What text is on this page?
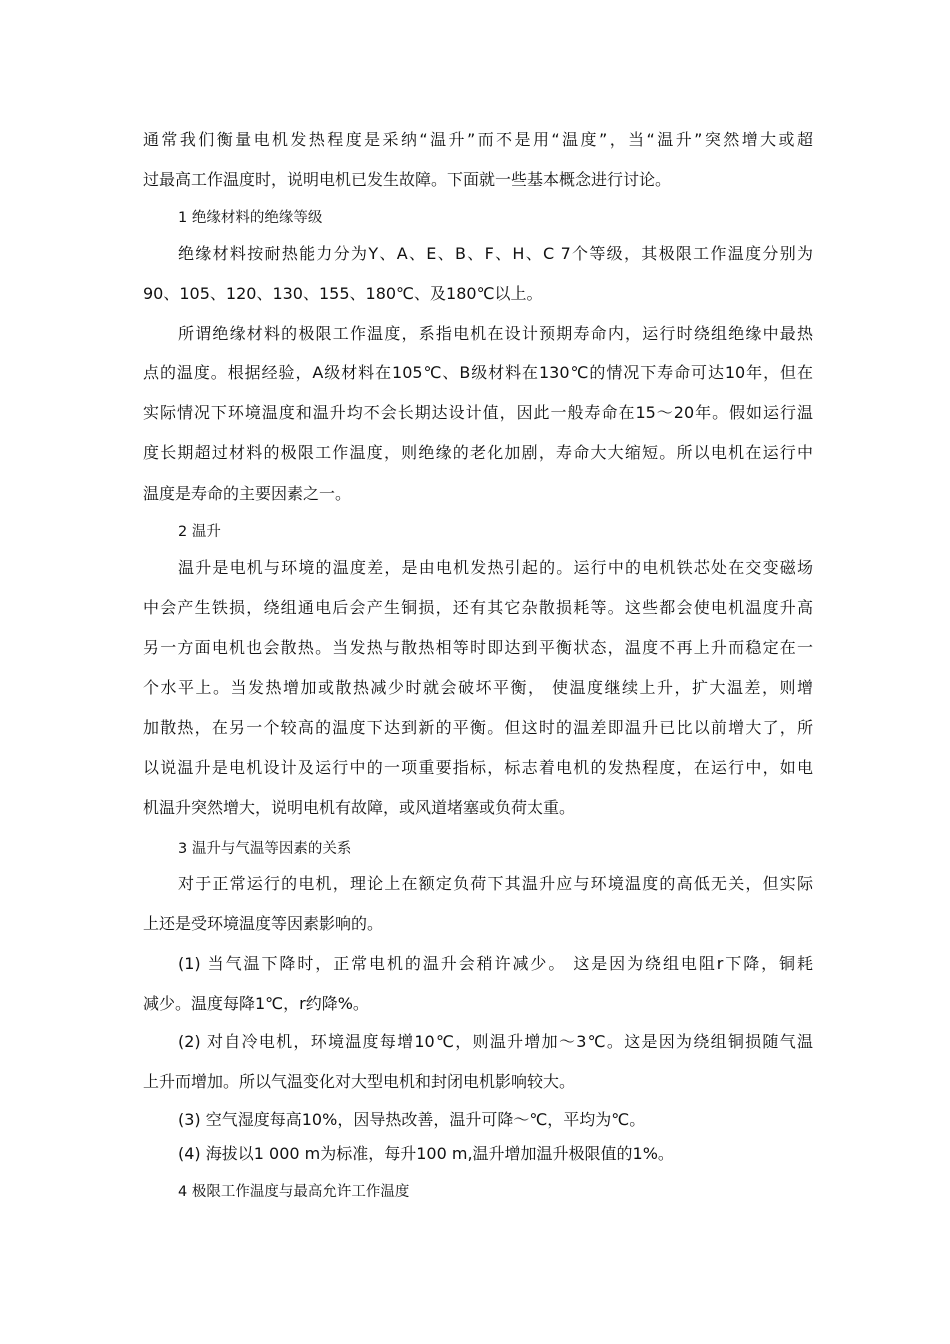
通常我们衡量电机发热程度是采纳“温升”而不是用“温度”，当“温升”突然增大或超
过最高工作温度时，说明电机已发生故障。下面就一些基本概念进行讨论。
1 绝缘材料的绝缘等级
绝缘材料按耐热能力分为Y、A、E、B、F、H、C 7个等级，其极限工作温度分别为
90、105、120、130、155、180℃、及180℃以上。
所谓绝缘材料的极限工作温度，系指电机在设计预期寿命内，运行时绕组绝缘中最热
点的温度。根据经验，A级材料在105℃、B级材料在130℃的情况下寿命可达10年，但在
实际情况下环境温度和温升均不会长期达设计值，因此一般寿命在15～20年。假如运行温
度长期超过材料的极限工作温度，则绝缘的老化加剧，寿命大大缩短。所以电机在运行中
温度是寿命的主要因素之一。
2 温升
温升是电机与环境的温度差，是由电机发热引起的。运行中的电机铁芯处在交变磁场
中会产生铁损，绕组通电后会产生铜损，还有其它杂散损耗等。这些都会使电机温度升高
另一方面电机也会散热。当发热与散热相等时即达到平衡状态，温度不再上升而稳定在一
个水平上。当发热增加或散热减少时就会破坏平衡， 使温度继续上升，扩大温差，则增
加散热，在另一个较高的温度下达到新的平衡。但这时的温差即温升已比以前增大了，所
以说温升是电机设计及运行中的一项重要指标，标志着电机的发热程度，在运行中，如电
机温升突然增大，说明电机有故障，或风道堵塞或负荷太重。
3 温升与气温等因素的关系
对于正常运行的电机，理论上在额定负荷下其温升应与环境温度的高低无关，但实际
上还是受环境温度等因素影响的。
(1) 当气温下降时，正常电机的温升会稍许减少。 这是因为绕组电阻r下降，铜耗
减少。温度每降1℃，r约降%。
(2) 对自冷电机，环境温度每增10℃，则温升增加～3℃。这是因为绕组铜损随气温
上升而增加。所以气温变化对大型电机和封闭电机影响较大。
(3) 空气湿度每高10%，因导热改善，温升可降～℃，平均为℃。
(4) 海拔以1 000 m为标准，每升100 m,温升增加温升极限值的1%。
4 极限工作温度与最高允许工作温度
